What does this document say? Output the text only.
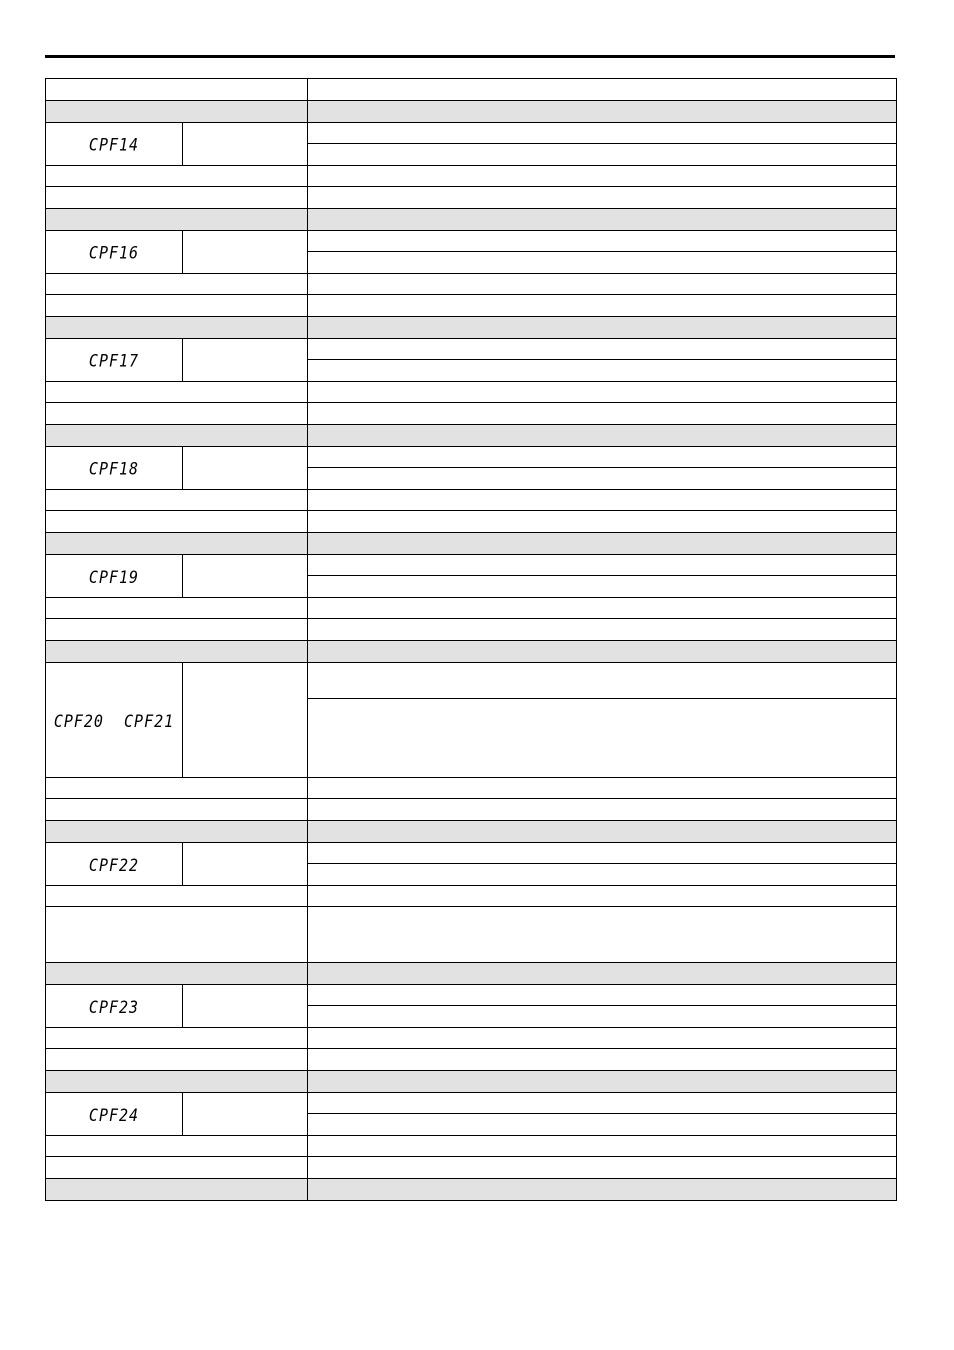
CPF14		

CPF16		

CPF17		

CPF18		

CPF19		

CPF20  CPF21		

CPF22		

CPF23		

CPF24		
